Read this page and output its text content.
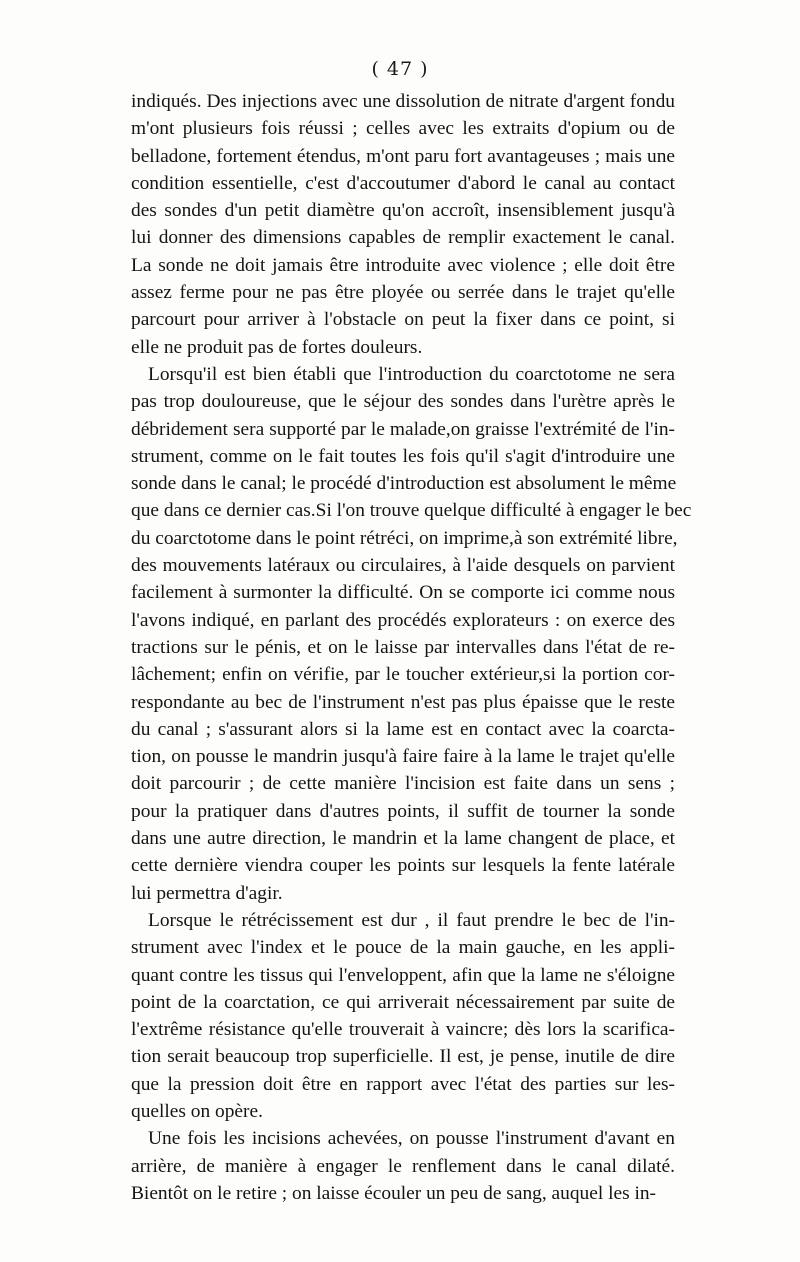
( 47 )
indiqués. Des injections avec une dissolution de nitrate d'argent fondu
m'ont plusieurs fois réussi ; celles avec les extraits d'opium ou de
belladone, fortement étendus, m'ont paru fort avantageuses ; mais une
condition essentielle, c'est d'accoutumer d'abord le canal au contact
des sondes d'un petit diamètre qu'on accroît, insensiblement jusqu'à
lui donner des dimensions capables de remplir exactement le canal.
La sonde ne doit jamais être introduite avec violence ; elle doit être
assez ferme pour ne pas être ployée ou serrée dans le trajet qu'elle
parcourt pour arriver à l'obstacle on peut la fixer dans ce point, si
elle ne produit pas de fortes douleurs.
Lorsqu'il est bien établi que l'introduction du coarctotome ne sera
pas trop douloureuse, que le séjour des sondes dans l'urètre après le
débridement sera supporté par le malade,on graisse l'extrémité de l'in-
strument, comme on le fait toutes les fois qu'il s'agit d'introduire une
sonde dans le canal; le procédé d'introduction est absolument le même
que dans ce dernier cas.Si l'on trouve quelque difficulté à engager le bec
du coarctotome dans le point rétréci, on imprime,à son extrémité libre,
des mouvements latéraux ou circulaires, à l'aide desquels on parvient
facilement à surmonter la difficulté. On se comporte ici comme nous
l'avons indiqué, en parlant des procédés explorateurs : on exerce des
tractions sur le pénis, et on le laisse par intervalles dans l'état de re-
lâchement; enfin on vérifie, par le toucher extérieur,si la portion cor-
respondante au bec de l'instrument n'est pas plus épaisse que le reste
du canal ; s'assurant alors si la lame est en contact avec la coarcta-
tion, on pousse le mandrin jusqu'à faire faire à la lame le trajet qu'elle
doit parcourir ; de cette manière l'incision est faite dans un sens ;
pour la pratiquer dans d'autres points, il suffit de tourner la sonde
dans une autre direction, le mandrin et la lame changent de place, et
cette dernière viendra couper les points sur lesquels la fente latérale
lui permettra d'agir.
Lorsque le rétrécissement est dur , il faut prendre le bec de l'in-
strument avec l'index et le pouce de la main gauche, en les appli-
quant contre les tissus qui l'enveloppent, afin que la lame ne s'éloigne
point de la coarctation, ce qui arriverait nécessairement par suite de
l'extrême résistance qu'elle trouverait à vaincre; dès lors la scarifica-
tion serait beaucoup trop superficielle. Il est, je pense, inutile de dire
que la pression doit être en rapport avec l'état des parties sur les-
quelles on opère.
Une fois les incisions achevées, on pousse l'instrument d'avant en
arrière, de manière à engager le renflement dans le canal dilaté.
Bientôt on le retire ; on laisse écouler un peu de sang, auquel les in-
